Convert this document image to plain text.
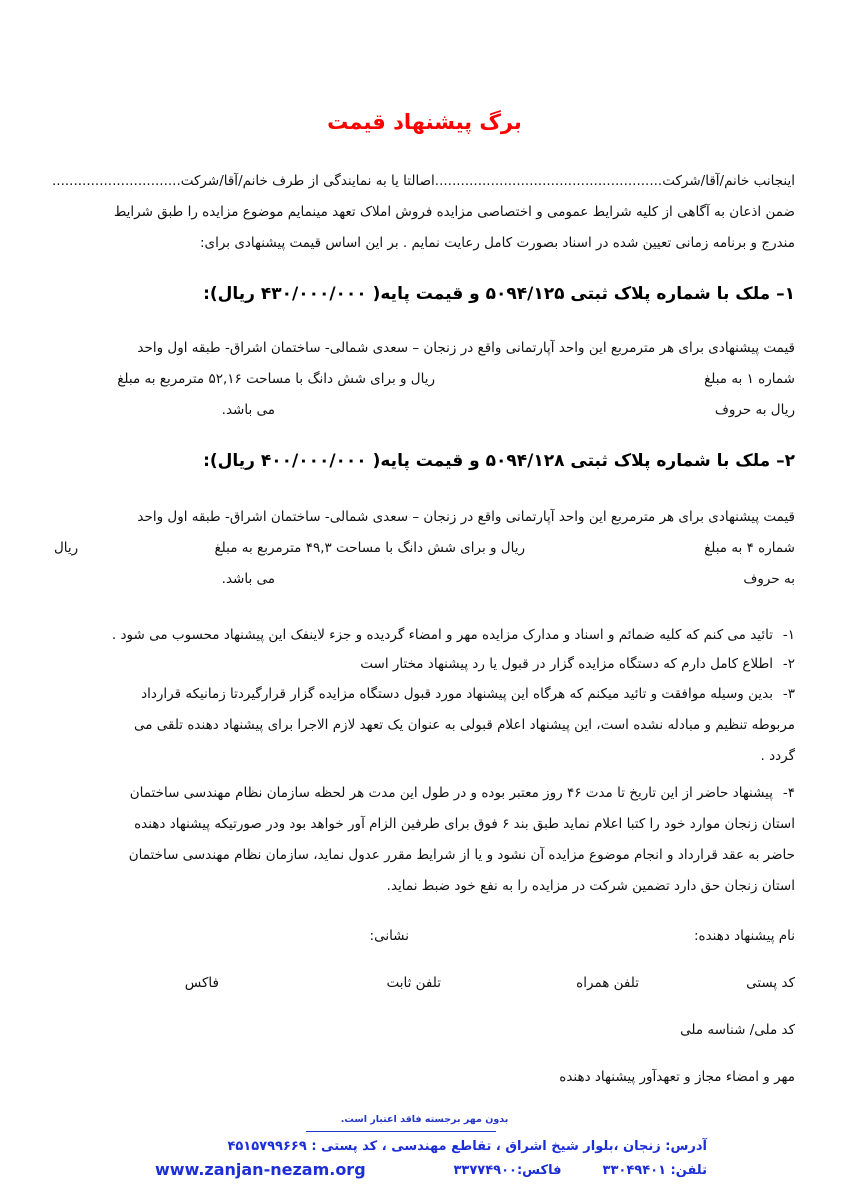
برگ پیشنهاد قیمت
اینجانب خانم/آقا/شرکت.....................................................اصالتا یا به نمایندگی از طرف خانم/آقا/شرکت..............................
ضمن اذعان به آگاهی از کلیه شرایط عمومی و اختصاصی مزایده فروش املاک تعهد مینمایم موضوع مزایده را طبق شرایط
مندرج و برنامه زمانی تعیین شده در اسناد بصورت کامل رعایت نمایم . بر این اساس قیمت پیشنهادی برای:
۱– ملک با شماره پلاک ثبتی ۵۰۹۴/۱۲۵ و قیمت پایه( ۴۳۰/۰۰۰/۰۰۰ ریال):
قیمت پیشنهادی برای هر مترمربع این واحد آپارتمانی واقع در زنجان – سعدی شمالی- ساختمان اشراق- طبقه اول واحد
شماره ۱ به مبلغ
ریال و برای شش دانگ با مساحت ۵۲,۱۶ مترمربع به مبلغ
ریال به حروف
می باشد.
۲– ملک با شماره پلاک ثبتی ۵۰۹۴/۱۲۸ و قیمت پایه( ۴۰۰/۰۰۰/۰۰۰ ریال):
قیمت پیشنهادی برای هر مترمربع این واحد آپارتمانی واقع در زنجان – سعدی شمالی- ساختمان اشراق- طبقه اول واحد
شماره ۴ به مبلغ
ریال و برای شش دانگ با مساحت ۴۹,۳ مترمربع به مبلغ
ریال
به حروف
می باشد.
۱-
تائید می کنم که کلیه ضمائم و اسناد و مدارک مزایده مهر و امضاء گردیده و جزء لاینفک این پیشنهاد محسوب می شود .
۲-
اطلاع کامل دارم که دستگاه مزایده گزار در قبول یا رد پیشنهاد مختار است
۳-
بدین وسیله موافقت و تائید میکنم که هرگاه این پیشنهاد مورد قبول دستگاه مزایده گزار قرارگیردتا زمانیکه قرارداد
مربوطه تنظیم و مبادله نشده است، این پیشنهاد اعلام قبولی به عنوان یک تعهد لازم الاجرا برای پیشنهاد دهنده تلقی می
گردد .
۴-
پیشنهاد حاضر از این تاریخ تا مدت ۴۶ روز معتبر بوده و در طول این مدت هر لحظه سازمان نظام مهندسی ساختمان
استان زنجان موارد خود را کتبا اعلام نماید طبق بند ۶ فوق برای طرفین الزام آور خواهد بود ودر صورتیکه پیشنهاد دهنده
حاضر به عقد قرارداد و انجام موضوع مزایده آن نشود و یا از شرایط مقرر عدول نماید، سازمان نظام مهندسی ساختمان
استان زنجان حق دارد تضمین شرکت در مزایده را به نفع خود ضبط نماید.
نام پیشنهاد دهنده:
نشانی:
کد پستی
تلفن همراه
تلفن ثابت
فاکس
کد ملی/ شناسه ملی
مهر و امضاء مجاز و تعهدآور پیشنهاد دهنده
بدون مهر برجسته فاقد اعتبار است.
آدرس: زنجان ،بلوار شیخ اشراق ، تقاطع مهندسی ، کد پستی : ۴۵۱۵۷۹۹۶۶۹
تلفن: ۳۳۰۴۹۴۰۱  فاکس:۳۳۷۷۴۹۰۰
www.zanjan-nezam.org
